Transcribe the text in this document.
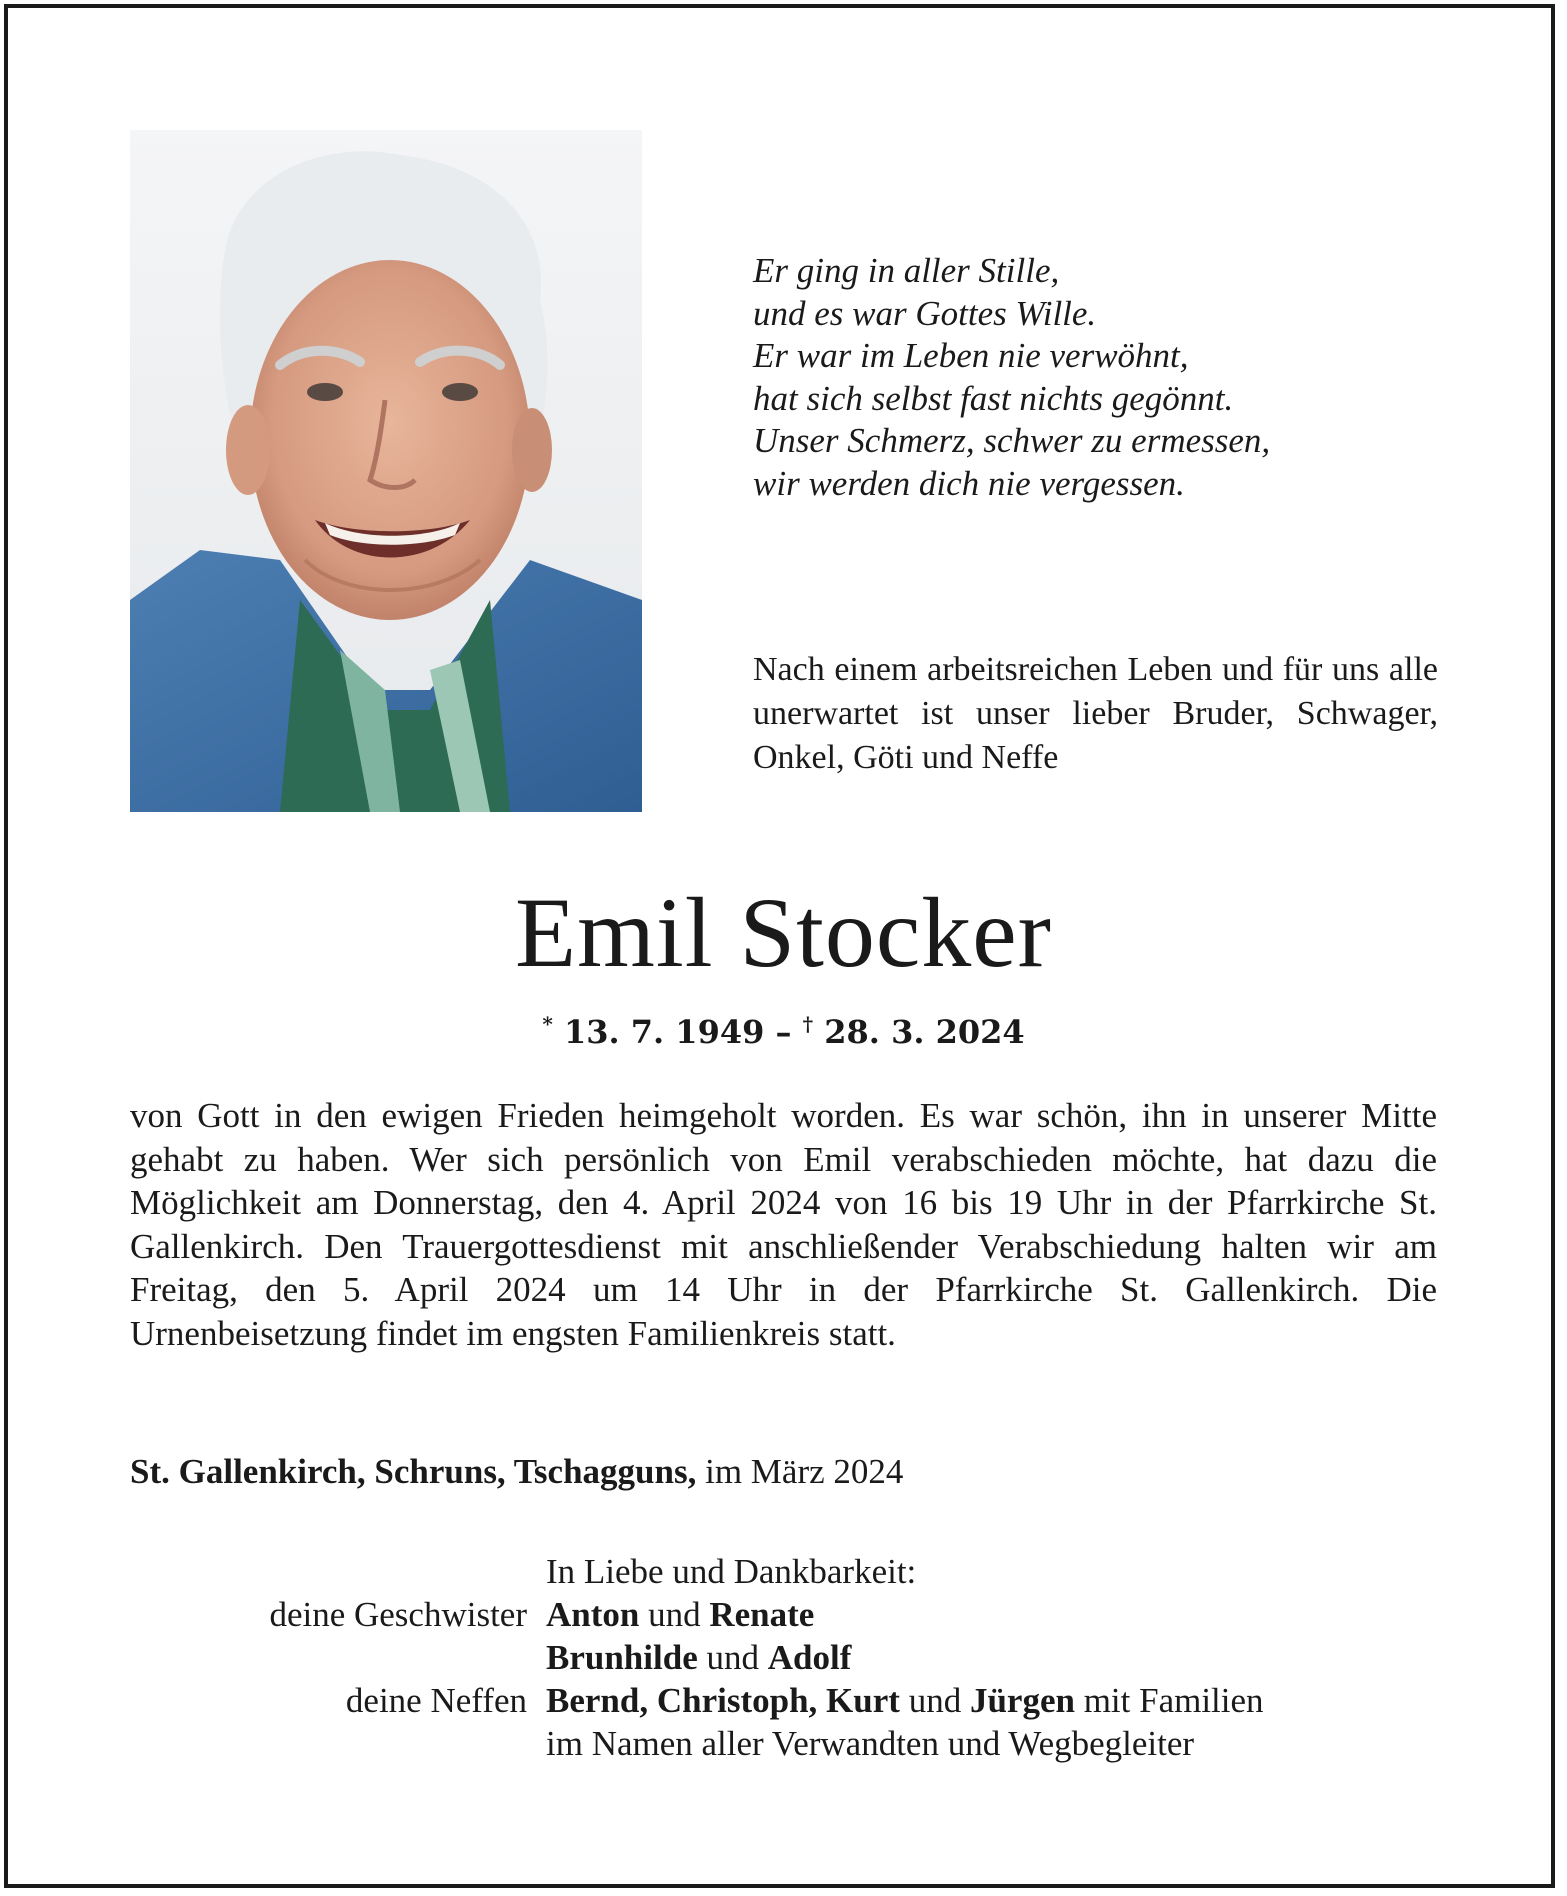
Er ging in aller Stille,
und es war Gottes Wille.
Er war im Leben nie verwöhnt,
hat sich selbst fast nichts gegönnt.
Unser Schmerz, schwer zu ermessen,
wir werden dich nie vergessen.
Nach einem arbeitsreichen Leben und für uns alle unerwartet ist unser lieber Bruder, Schwager, Onkel, Göti und Neffe
Emil Stocker
* 13. 7. 1949 – † 28. 3. 2024
von Gott in den ewigen Frieden heimgeholt worden. Es war schön, ihn in unserer Mitte gehabt zu haben. Wer sich persönlich von Emil verabschieden möchte, hat dazu die Möglichkeit am Donnerstag, den 4. April 2024 von 16 bis 19 Uhr in der Pfarrkirche St. Gallenkirch. Den Trauergottesdienst mit anschließender Verabschiedung halten wir am Freitag, den 5. April 2024 um 14 Uhr in der Pfarrkirche St. Gallenkirch. Die Urnenbeisetzung findet im engsten Familienkreis statt.
St. Gallenkirch, Schruns, Tschagguns, im März 2024
In Liebe und Dankbarkeit:
deine Geschwister Anton und Renate
Brunhilde und Adolf
deine Neffen Bernd, Christoph, Kurt und Jürgen mit Familien
im Namen aller Verwandten und Wegbegleiter
